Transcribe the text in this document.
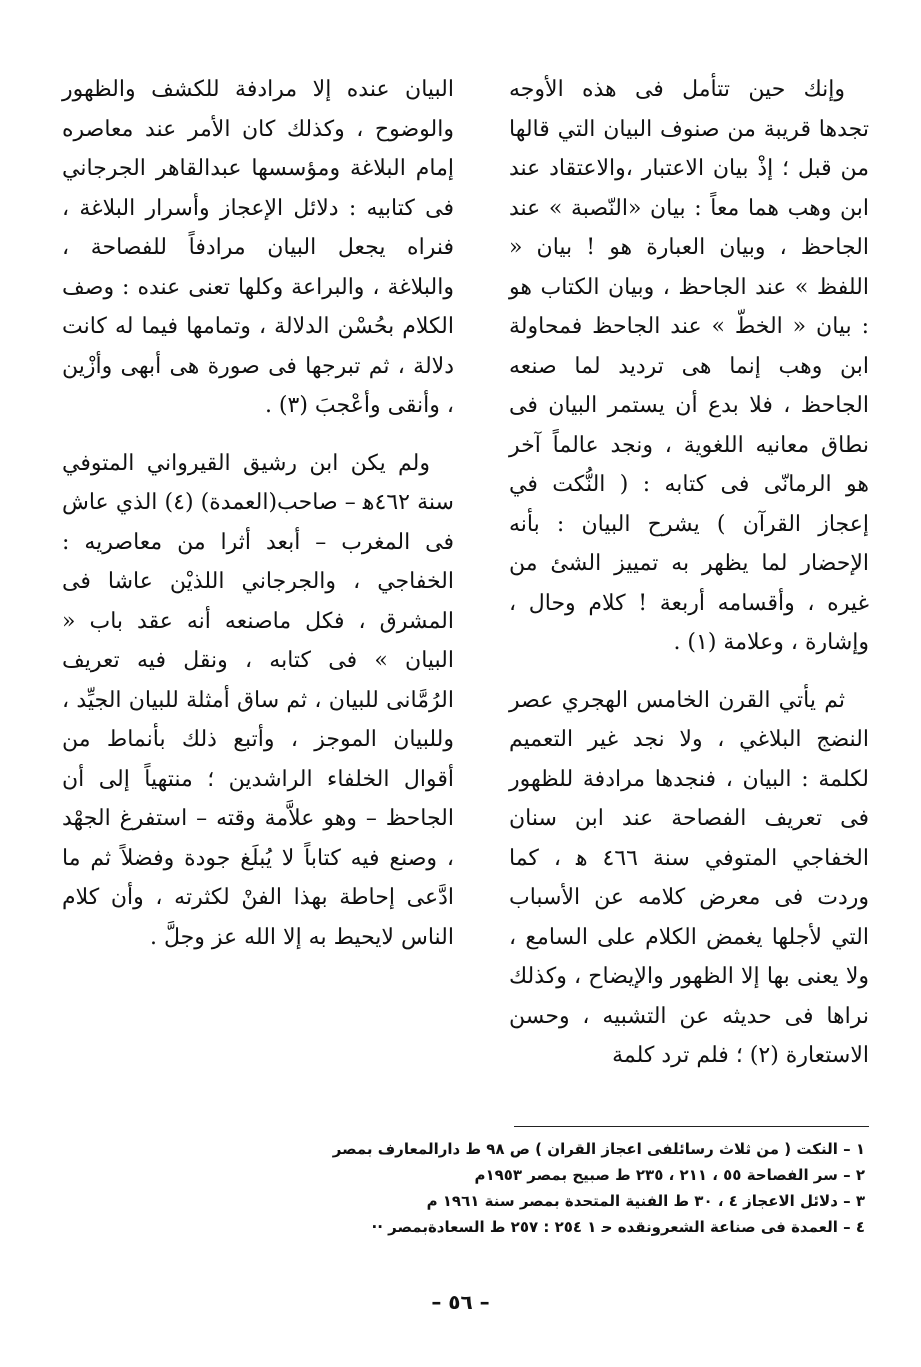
وإنك حين تتأمل فى هذه الأوجه تجدها قريبة من صنوف البيان التي قالها من قبل ؛ إذْ بيان الاعتبار ،والاعتقاد عند ابن وهب هما معاً : بيان «النّصبة » عند الجاحظ ، وبيان العبارة هو ! بيان « اللفظ » عند الجاحظ ، وبيان الكتاب هو : بيان « الخطّ » عند الجاحظ فمحاولة ابن وهب إنما هى ترديد لما صنعه الجاحظ ، فلا بدع أن يستمر البيان فى نطاق معانيه اللغوية ، ونجد عالماً آخر هو الرمانّى فى كتابه : ( النُّكت في إعجاز القرآن ) يشرح البيان : بأنه الإحضار لما يظهر به تمييز الشئ من غيره ، وأقسامه أربعة ! كلام وحال ، وإشارة ، وعلامة (١) .

ثم يأتي القرن الخامس الهجري عصر النضج البلاغي ، ولا نجد غير التعميم لكلمة : البيان ، فنجدها مرادفة للظهور فى تعريف الفصاحة عند ابن سنان الخفاجي المتوفي سنة ٤٦٦ ﻫ ، كما وردت فى معرض كلامه عن الأسباب التي لأجلها يغمض الكلام على السامع ، ولا يعنى بها إلا الظهور والإيضاح ، وكذلك نراها فى حديثه عن التشبيه ، وحسن الاستعارة (٢) ؛ فلم ترد كلمة

البيان عنده إلا مرادفة للكشف والظهور والوضوح ، وكذلك كان الأمر عند معاصره إمام البلاغة ومؤسسها عبدالقاهر الجرجاني فى كتابيه : دلائل الإعجاز وأسرار البلاغة ، فنراه يجعل البيان مرادفاً للفصاحة ، والبلاغة ، والبراعة وكلها تعنى عنده : وصف الكلام بحُسْن الدلالة ، وتمامها فيما له كانت دلالة ، ثم تبرجها فى صورة هى أبهى وأزْين ، وأنقى وأعْجبَ (٣) .

ولم يكن ابن رشيق القيرواني المتوفي سنة ٤٦٢ﻫ – صاحب(العمدة) (٤) الذي عاش فى المغرب – أبعد أثرا من معاصريه : الخفاجي ، والجرجاني اللذيْن عاشا فى المشرق ، فكل ماصنعه أنه عقد باب « البيان » فى كتابه ، ونقل فيه تعريف الرُمَّانى للبيان ، ثم ساق أمثلة للبيان الجيِّد ، وللبيان الموجز ، وأتبع ذلك بأنماط من أقوال الخلفاء الراشدين ؛ منتهياً إلى أن الجاحظ – وهو علاَّمة وقته – استفرغ الجهْد ، وصنع فيه كتاباً لا يُبلَغ جودة وفضلاً ثم ما ادَّعى إحاطة بهذا الفنْ لكثرته ، وأن كلام الناس لايحيط به إلا الله عز وجلَّ .

١ – النكت ( من ثلاث رسائلفى اعجاز القران ) ص ٩٨ ط دارالمعارف بمصر
٢ – سر الفصاحة ٥٥ ، ٢١١ ، ٢٣٥ ط صبيح بمصر ١٩٥٣م
٣ – دلائل الاعجاز ٤ ، ٣٠ ط الفنية المتحدة بمصر سنة ١٩٦١ م
٤ – العمدة فى صناعة الشعرونقده ﺣ ١ ٢٥٤ : ٢٥٧ ط السعادةبمصر ··
– ٥٦ –
